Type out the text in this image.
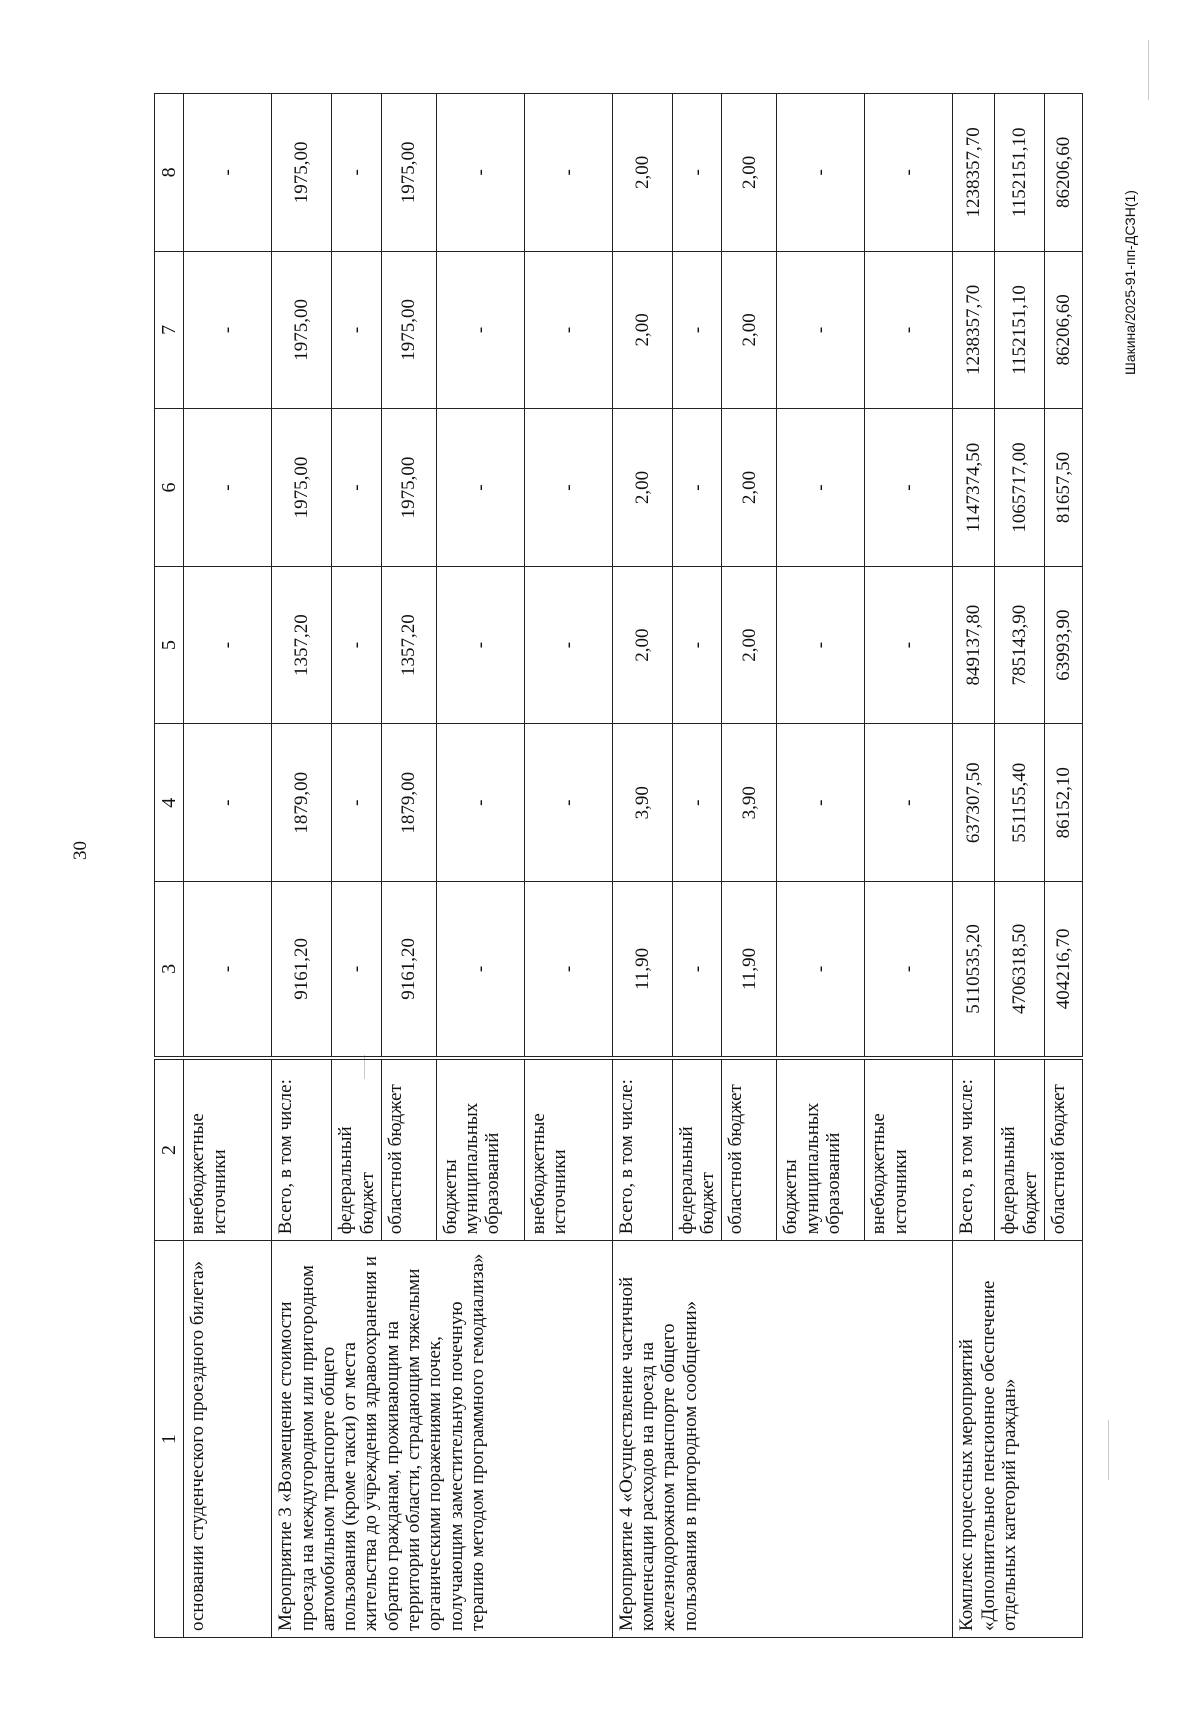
30
1	2	3	4	5	6	7	8
основании студенческого проездного билета»	внебюджетные источники	-	-	-	-	-	-
Мероприятие 3 «Возмещение стоимости проезда на междугородном или пригородном автомобильном транспорте общего пользования (кроме такси) от места жительства до учреждения здравоохранения и обратно гражданам, проживающим на территории области, страдающим тяжелыми органическими поражениями почек, получающим заместительную почечную терапию методом программного гемодиализа»	Всего, в том числе:	9161,20	1879,00	1357,20	1975,00	1975,00	1975,00
	федеральный бюджет	-	-	-	-	-	-
	областной бюджет	9161,20	1879,00	1357,20	1975,00	1975,00	1975,00
	бюджеты муниципальных образований	-	-	-	-	-	-
	внебюджетные источники	-	-	-	-	-	-
Мероприятие 4 «Осуществление частичной компенсации расходов на проезд на железнодорожном транспорте общего пользования в пригородном сообщении»	Всего, в том числе:	11,90	3,90	2,00	2,00	2,00	2,00
	федеральный бюджет	-	-	-	-	-	-
	областной бюджет	11,90	3,90	2,00	2,00	2,00	2,00
	бюджеты муниципальных образований	-	-	-	-	-	-
	внебюджетные источники	-	-	-	-	-	-
Комплекс процессных мероприятий «Дополнительное пенсионное обеспечение отдельных категорий граждан»	Всего, в том числе:	5110535,20	637307,50	849137,80	1147374,50	1238357,70	1238357,70
	федеральный бюджет	4706318,50	551155,40	785143,90	1065717,00	1152151,10	1152151,10
	областной бюджет	404216,70	86152,10	63993,90	81657,50	86206,60	86206,60
Шакина/2025-91-пп-ДСЗН(1)
